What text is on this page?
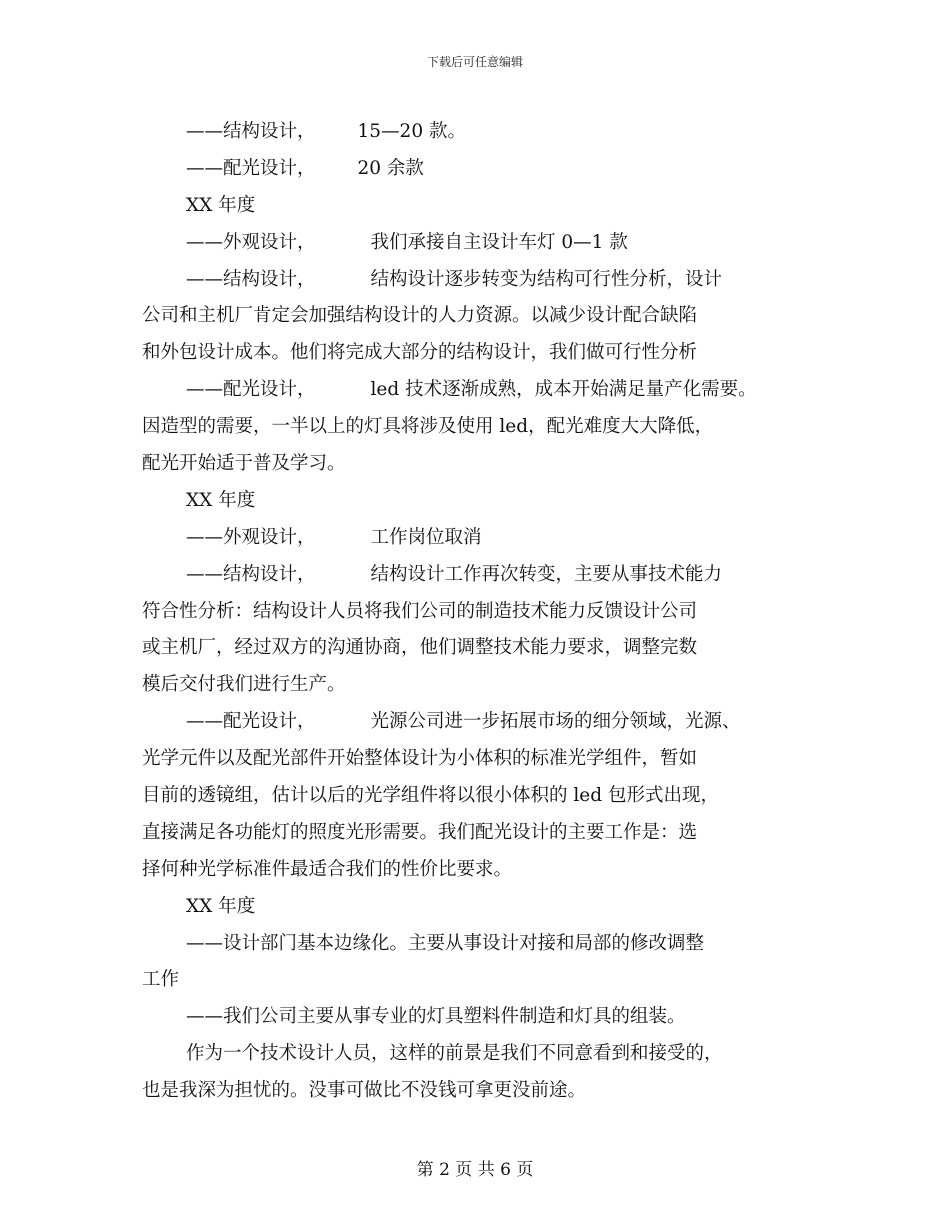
下载后可任意编辑
——结构设计， 15—20 款。
——配光设计， 20 余款
XX 年度
——外观设计，	我们承接自主设计车灯 0—1 款
——结构设计，	结构设计逐步转变为结构可行性分析，设计
公司和主机厂肯定会加强结构设计的人力资源。以减少设计配合缺陷
和外包设计成本。他们将完成大部分的结构设计，我们做可行性分析
——配光设计，	led 技术逐渐成熟，成本开始满足量产化需要。
因造型的需要，一半以上的灯具将涉及使用 led，配光难度大大降低，
配光开始适于普及学习。
XX 年度
——外观设计，	工作岗位取消
——结构设计，	结构设计工作再次转变，主要从事技术能力
符合性分析：结构设计人员将我们公司的制造技术能力反馈设计公司
或主机厂，经过双方的沟通协商，他们调整技术能力要求，调整完数
模后交付我们进行生产。
——配光设计，	光源公司进一步拓展市场的细分领域，光源、
光学元件以及配光部件开始整体设计为小体积的标准光学组件，暂如
目前的透镜组，估计以后的光学组件将以很小体积的 led 包形式出现，
直接满足各功能灯的照度光形需要。我们配光设计的主要工作是：选
择何种光学标准件最适合我们的性价比要求。
XX 年度
——设计部门基本边缘化。主要从事设计对接和局部的修改调整
工作
——我们公司主要从事专业的灯具塑料件制造和灯具的组装。
作为一个技术设计人员，这样的前景是我们不同意看到和接受的，
也是我深为担忧的。没事可做比不没钱可拿更没前途。
第 2 页 共 6 页
